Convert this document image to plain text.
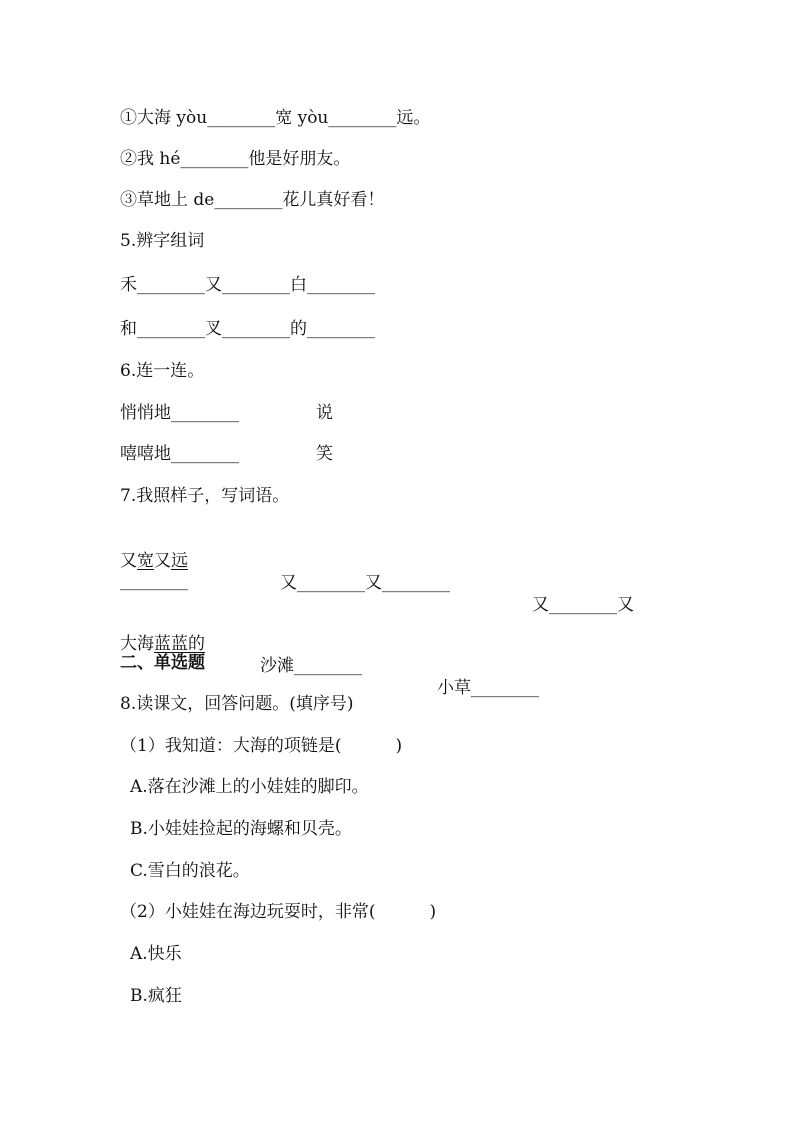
①大海 yòu________宽 yòu________远。

②我 hé________他是好朋友。

③草地上 de________花儿真好看！

5.辨字组词

禾________又________白________

和________叉________的________

6.连一连。

悄悄地________	说

嘻嘻地________	笑

7.我照样子，写词语。

又宽又远

又________又________

又________又

________

大海蓝蓝的

沙滩________

小草________

二、单选题

8.读课文，回答问题。(填序号)

（1）我知道：大海的项链是(          )

A.落在沙滩上的小娃娃的脚印。

B.小娃娃捡起的海螺和贝壳。

C.雪白的浪花。

（2）小娃娃在海边玩耍时，非常(          )

A.快乐

B.疯狂
